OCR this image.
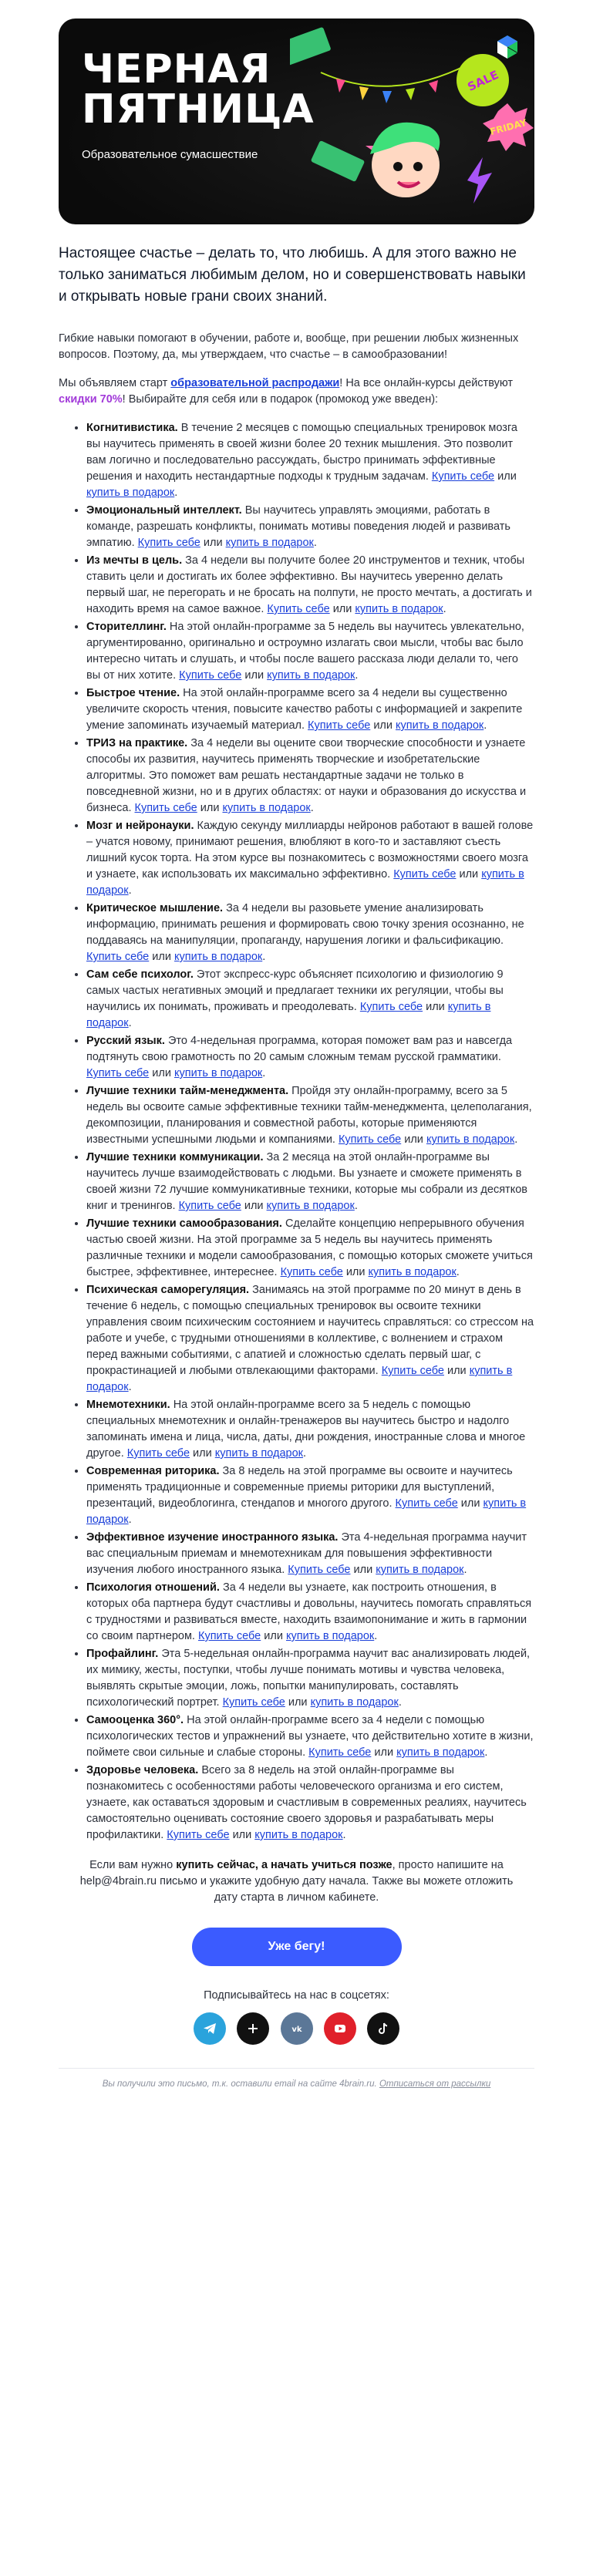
ЧЕРНАЯ
ПЯТНИЦА
Образовательное сумасшествие
SALE
FRIDAY
Настоящее счастье – делать то, что любишь. А для этого важно не только заниматься любимым делом, но и совершенствовать навыки и открывать новые грани своих знаний.

Гибкие навыки помогают в обучении, работе и, вообще, при решении любых жизненных вопросов. Поэтому, да, мы утверждаем, что счастье – в самообразовании!

Мы объявляем старт образовательной распродажи! На все онлайн-курсы действуют скидки 70%! Выбирайте для себя или в подарок (промокод уже введен):

• Когнитивистика. В течение 2 месяцев с помощью специальных тренировок мозга вы научитесь применять в своей жизни более 20 техник мышления. Это позволит вам логично и последовательно рассуждать, быстро принимать эффективные решения и находить нестандартные подходы к трудным задачам. Купить себе или купить в подарок.
• Эмоциональный интеллект. Вы научитесь управлять эмоциями, работать в команде, разрешать конфликты, понимать мотивы поведения людей и развивать эмпатию. Купить себе или купить в подарок.
• Из мечты в цель. За 4 недели вы получите более 20 инструментов и техник, чтобы ставить цели и достигать их более эффективно. Вы научитесь уверенно делать первый шаг, не перегорать и не бросать на полпути, не просто мечтать, а достигать и находить время на самое важное. Купить себе или купить в подарок.
• Сторителлинг. На этой онлайн-программе за 5 недель вы научитесь увлекательно, аргументированно, оригинально и остроумно излагать свои мысли, чтобы вас было интересно читать и слушать, и чтобы после вашего рассказа люди делали то, чего вы от них хотите. Купить себе или купить в подарок.
• Быстрое чтение. На этой онлайн-программе всего за 4 недели вы существенно увеличите скорость чтения, повысите качество работы с информацией и закрепите умение запоминать изучаемый материал. Купить себе или купить в подарок.
• ТРИЗ на практике. За 4 недели вы оцените свои творческие способности и узнаете способы их развития, научитесь применять творческие и изобретательские алгоритмы. Это поможет вам решать нестандартные задачи не только в повседневной жизни, но и в других областях: от науки и образования до искусства и бизнеса. Купить себе или купить в подарок.
• Мозг и нейронауки. Каждую секунду миллиарды нейронов работают в вашей голове – учатся новому, принимают решения, влюбляют в кого-то и заставляют съесть лишний кусок торта. На этом курсе вы познакомитесь с возможностями своего мозга и узнаете, как использовать их максимально эффективно. Купить себе или купить в подарок.
• Критическое мышление. За 4 недели вы разовьете умение анализировать информацию, принимать решения и формировать свою точку зрения осознанно, не поддаваясь на манипуляции, пропаганду, нарушения логики и фальсификацию. Купить себе или купить в подарок.
• Сам себе психолог. Этот экспресс-курс объясняет психологию и физиологию 9 самых частых негативных эмоций и предлагает техники их регуляции, чтобы вы научились их понимать, проживать и преодолевать. Купить себе или купить в подарок.
• Русский язык. Это 4-недельная программа, которая поможет вам раз и навсегда подтянуть свою грамотность по 20 самым сложным темам русской грамматики. Купить себе или купить в подарок.
• Лучшие техники тайм-менеджмента. Пройдя эту онлайн-программу, всего за 5 недель вы освоите самые эффективные техники тайм-менеджмента, целеполагания, декомпозиции, планирования и совместной работы, которые применяются известными успешными людьми и компаниями. Купить себе или купить в подарок.
• Лучшие техники коммуникации. За 2 месяца на этой онлайн-программе вы научитесь лучше взаимодействовать с людьми. Вы узнаете и сможете применять в своей жизни 72 лучшие коммуникативные техники, которые мы собрали из десятков книг и тренингов. Купить себе или купить в подарок.
• Лучшие техники самообразования. Сделайте концепцию непрерывного обучения частью своей жизни. На этой программе за 5 недель вы научитесь применять различные техники и модели самообразования, с помощью которых сможете учиться быстрее, эффективнее, интереснее. Купить себе или купить в подарок.
• Психическая саморегуляция. Занимаясь на этой программе по 20 минут в день в течение 6 недель, с помощью специальных тренировок вы освоите техники управления своим психическим состоянием и научитесь справляться: со стрессом на работе и учебе, с трудными отношениями в коллективе, с волнением и страхом перед важными событиями, с апатией и сложностью сделать первый шаг, с прокрастинацией и любыми отвлекающими факторами. Купить себе или купить в подарок.
• Мнемотехники. На этой онлайн-программе всего за 5 недель с помощью специальных мнемотехник и онлайн-тренажеров вы научитесь быстро и надолго запоминать имена и лица, числа, даты, дни рождения, иностранные слова и многое другое. Купить себе или купить в подарок.
• Современная риторика. За 8 недель на этой программе вы освоите и научитесь применять традиционные и современные приемы риторики для выступлений, презентаций, видеоблогинга, стендапов и многого другого. Купить себе или купить в подарок.
• Эффективное изучение иностранного языка. Эта 4-недельная программа научит вас специальным приемам и мнемотехникам для повышения эффективности изучения любого иностранного языка. Купить себе или купить в подарок.
• Психология отношений. За 4 недели вы узнаете, как построить отношения, в которых оба партнера будут счастливы и довольны, научитесь помогать справляться с трудностями и развиваться вместе, находить взаимопонимание и жить в гармонии со своим партнером. Купить себе или купить в подарок.
• Профайлинг. Эта 5-недельная онлайн-программа научит вас анализировать людей, их мимику, жесты, поступки, чтобы лучше понимать мотивы и чувства человека, выявлять скрытые эмоции, ложь, попытки манипулировать, составлять психологический портрет. Купить себе или купить в подарок.
• Самооценка 360°. На этой онлайн-программе всего за 4 недели с помощью психологических тестов и упражнений вы узнаете, что действительно хотите в жизни, поймете свои сильные и слабые стороны. Купить себе или купить в подарок.
• Здоровье человека. Всего за 8 недель на этой онлайн-программе вы познакомитесь с особенностями работы человеческого организма и его систем, узнаете, как оставаться здоровым и счастливым в современных реалиях, научитесь самостоятельно оценивать состояние своего здоровья и разрабатывать меры профилактики. Купить себе или купить в подарок.
Если вам нужно купить сейчас, а начать учиться позже, просто напишите на help@4brain.ru письмо и укажите удобную дату начала. Также вы можете отложить дату старта в личном кабинете.
Уже бегу!
Подписывайтесь на нас в соцсетях:

vk

Вы получили это письмо, т.к. оставили email на сайте 4brain.ru. Отписаться от рассылки
